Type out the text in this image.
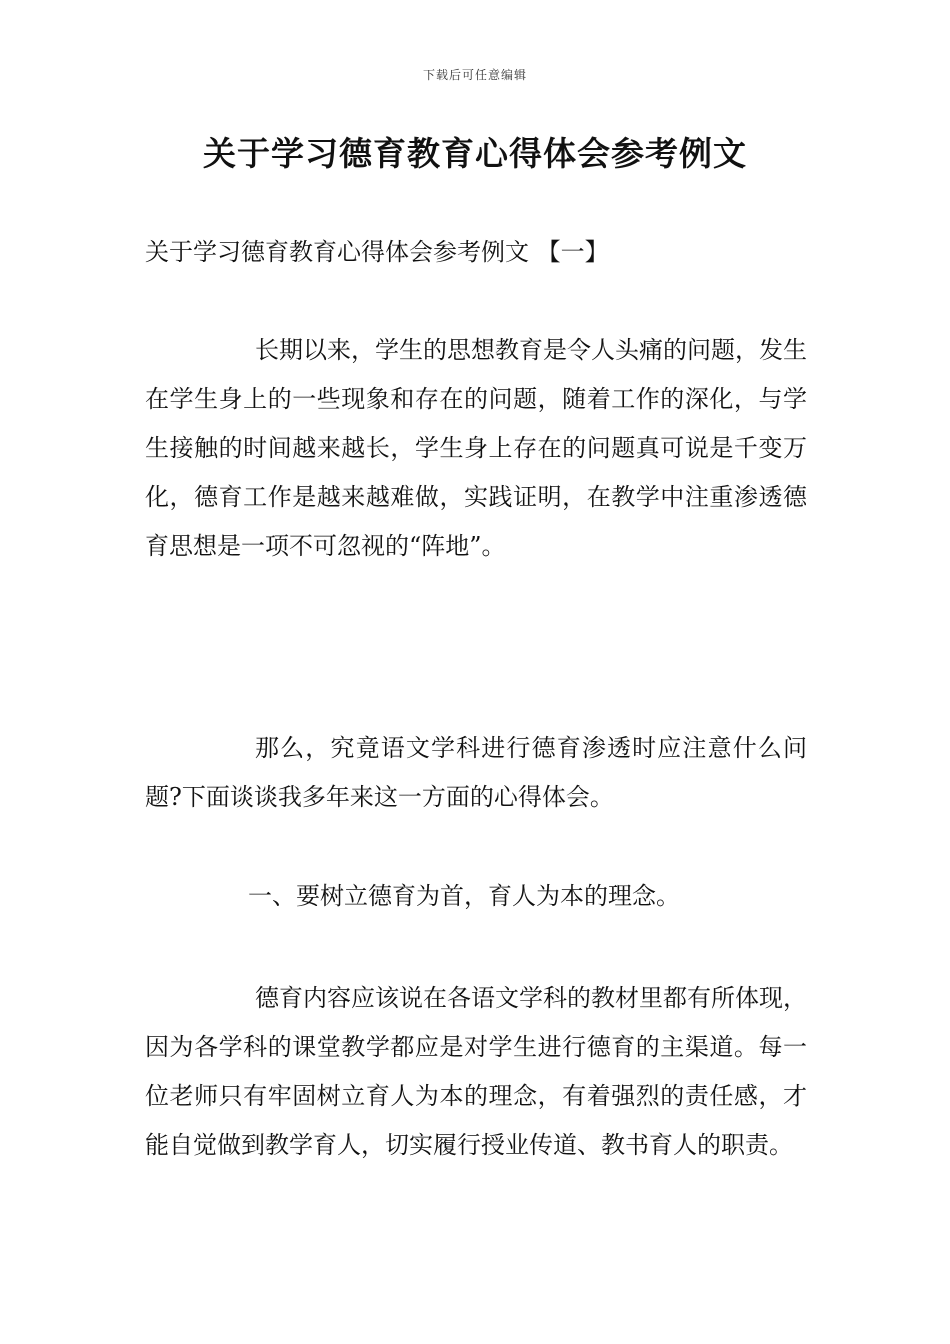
下载后可任意编辑
关于学习德育教育心得体会参考例文
关于学习德育教育心得体会参考例文 【一】

长期以来，学生的思想教育是令人头痛的问题，发生在学生身上的一些现象和存在的问题，随着工作的深化，与学生接触的时间越来越长，学生身上存在的问题真可说是千变万化，德育工作是越来越难做，实践证明，在教学中注重渗透德育思想是一项不可忽视的“阵地”。

那么，究竟语文学科进行德育渗透时应注意什么问题?下面谈谈我多年来这一方面的心得体会。

一、要树立德育为首，育人为本的理念。

德育内容应该说在各语文学科的教材里都有所体现，因为各学科的课堂教学都应是对学生进行德育的主渠道。每一位老师只有牢固树立育人为本的理念，有着强烈的责任感，才能自觉做到教学育人，切实履行授业传道、教书育人的职责。
